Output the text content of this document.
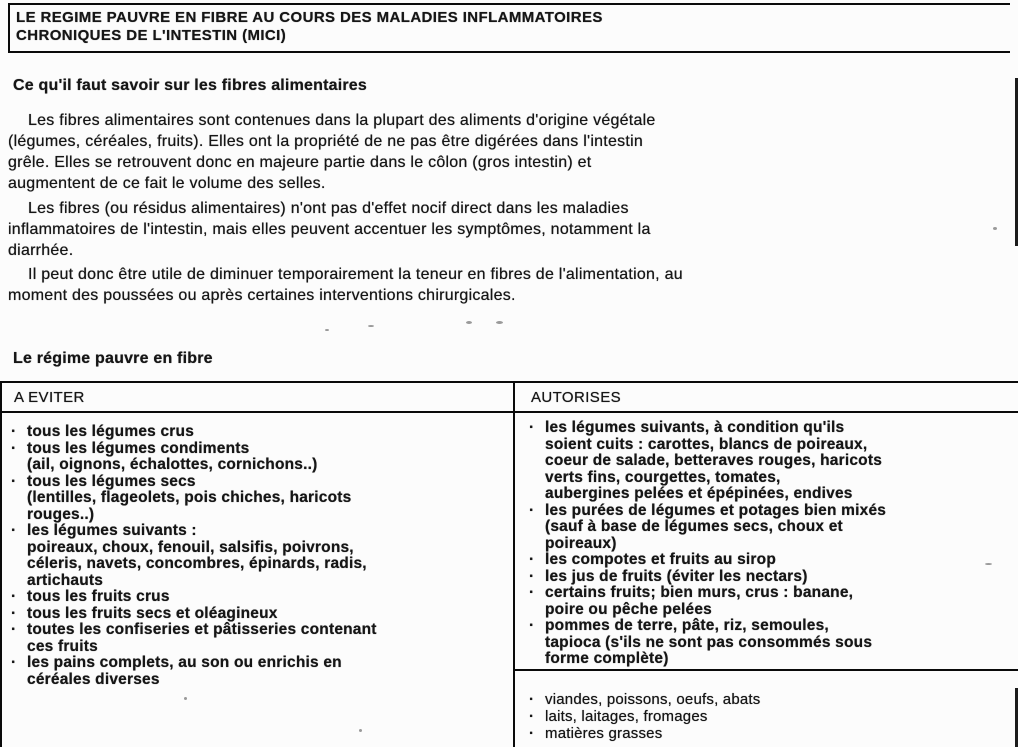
LE REGIME PAUVRE EN FIBRE AU COURS DES MALADIES INFLAMMATOIRES
CHRONIQUES DE L'INTESTIN (MICI)
Ce qu'il faut savoir sur les fibres alimentaires
Les fibres alimentaires sont contenues dans la plupart des aliments d'origine végétale
(légumes, céréales, fruits). Elles ont la propriété de ne pas être digérées dans l'intestin
grêle. Elles se retrouvent donc en majeure partie dans le côlon (gros intestin) et
augmentent de ce fait le volume des selles.
Les fibres (ou résidus alimentaires) n'ont pas d'effet nocif direct dans les maladies
inflammatoires de l'intestin, mais elles peuvent accentuer les symptômes, notamment la
diarrhée.
Il peut donc être utile de diminuer temporairement la teneur en fibres de l'alimentation, au
moment des poussées ou après certaines interventions chirurgicales.
Le régime pauvre en fibre
A EVITER	AUTORISES
· tous les légumes crus
· tous les légumes condiments
(ail, oignons, échalottes, cornichons..)
· tous les légumes secs
(lentilles, flageolets, pois chiches, haricots
rouges..)
· les légumes suivants :
poireaux, choux, fenouil, salsifis, poivrons,
céleris, navets, concombres, épinards, radis,
artichauts
· tous les fruits crus
· tous les fruits secs et oléagineux
· toutes les confiseries et pâtisseries contenant
ces fruits
· les pains complets, au son ou enrichis en
céréales diverses
· les légumes suivants, à condition qu'ils
soient cuits : carottes, blancs de poireaux,
coeur de salade, betteraves rouges, haricots
verts fins, courgettes, tomates,
aubergines pelées et épépinées, endives
· les purées de légumes et potages bien mixés
(sauf à base de légumes secs, choux et
poireaux)
· les compotes et fruits au sirop
· les jus de fruits (éviter les nectars)
· certains fruits; bien murs, crus : banane,
poire ou pêche pelées
· pommes de terre, pâte, riz, semoules,
tapioca (s'ils ne sont pas consommés sous
forme complète)
· viandes, poissons, oeufs, abats
· laits, laitages, fromages
· matières grasses
